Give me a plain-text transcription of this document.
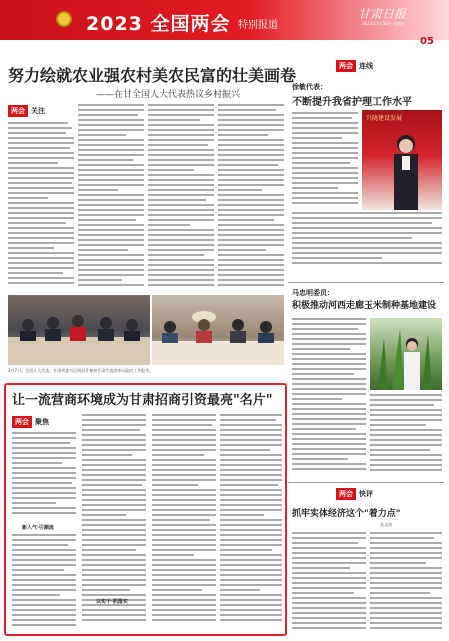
2023 全国两会 特别报道
甘肃日报
2023年3月10日 星期五
05
努力绘就农业强农村美农民富的壮美画卷
——在甘全国人大代表热议乡村振兴
两会 关注
3月7日，全国人大代表、甘肃省委书记胡昌升参加甘肃代表团审议政府工作报告。
让一流营商环境成为甘肃招商引资最亮"名片"
两会 聚焦
新入气·引潮流
以实干·抓落实
两会 连线
徐敏代表：
不断提升我省护理工作水平
兴陇建设发展
马忠明委员：
积极推动河西走廊玉米制种基地建设
两会 快评
抓牢实体经济这个"着力点"
张文涛
